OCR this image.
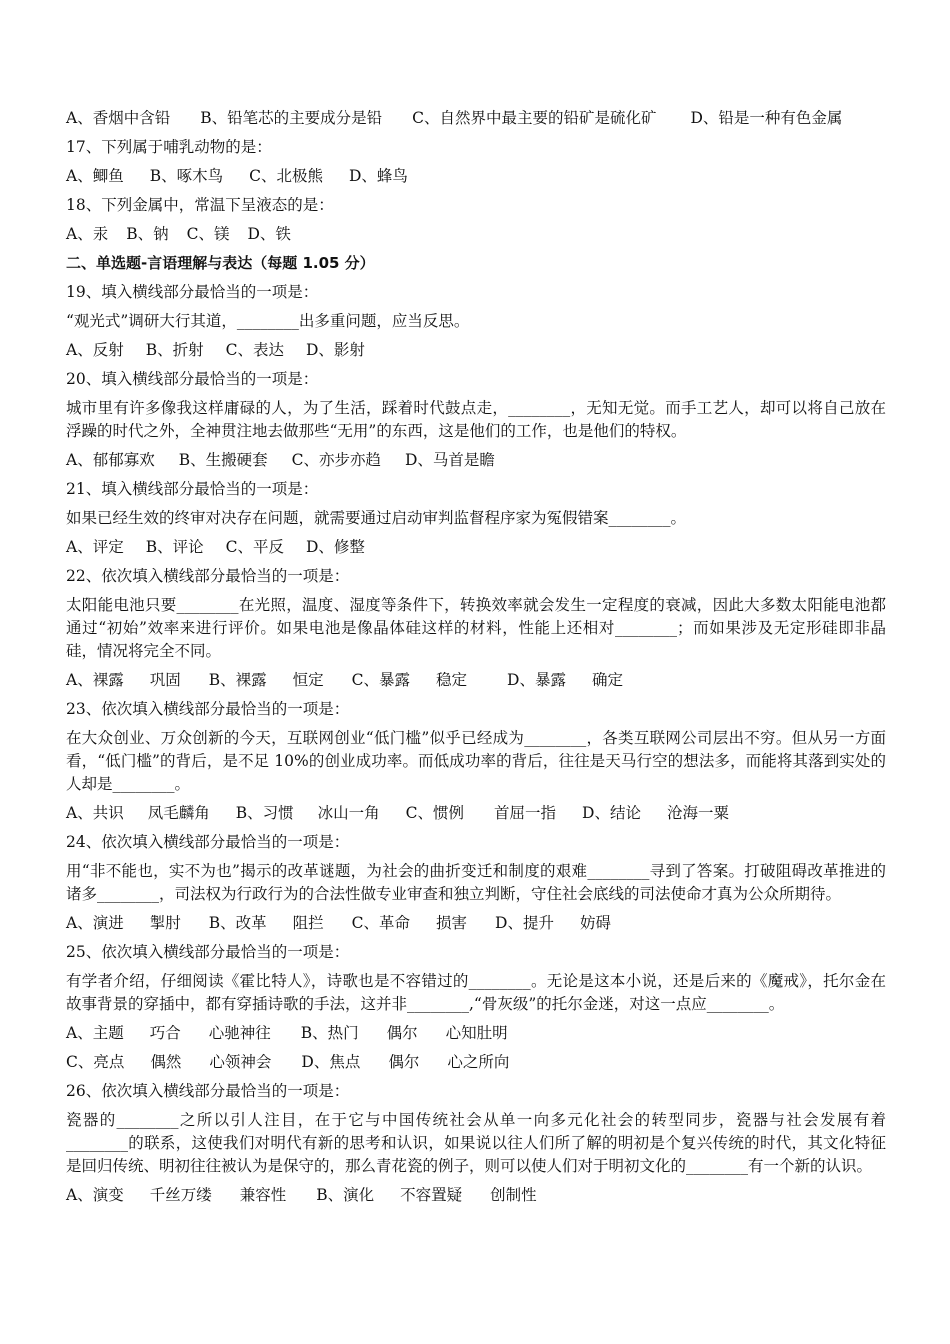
A、香烟中含铅 B、铅笔芯的主要成分是铅 C、自然界中最主要的铅矿是硫化矿 D、铅是一种有色金属
17、下列属于哺乳动物的是：
A、鲫鱼 B、啄木鸟 C、北极熊 D、蜂鸟
18、下列金属中，常温下呈液态的是：
A、汞 B、钠 C、镁 D、铁
二、单选题-言语理解与表达（每题 1.05 分）
19、填入横线部分最恰当的一项是：
“观光式”调研大行其道，________出多重问题，应当反思。
A、反射 B、折射 C、表达 D、影射
20、填入横线部分最恰当的一项是：
城市里有许多像我这样庸碌的人，为了生活，踩着时代鼓点走，________，无知无觉。而手工艺人，却可以将自己放在浮躁的时代之外，全神贯注地去做那些“无用”的东西，这是他们的工作，也是他们的特权。
A、郁郁寡欢 B、生搬硬套 C、亦步亦趋 D、马首是瞻
21、填入横线部分最恰当的一项是：
如果已经生效的终审对决存在问题，就需要通过启动审判监督程序家为冤假错案________。
A、评定 B、评论 C、平反 D、修整
22、依次填入横线部分最恰当的一项是：
太阳能电池只要________在光照，温度、湿度等条件下，转换效率就会发生一定程度的衰减，因此大多数太阳能电池都通过“初始”效率来进行评价。如果电池是像晶体硅这样的材料，性能上还相对________；而如果涉及无定形硅即非晶硅，情况将完全不同。
A、裸露 巩固 B、裸露 恒定 C、暴露 稳定	D、暴露 确定
23、依次填入横线部分最恰当的一项是：
在大众创业、万众创新的今天，互联网创业“低门槛”似乎已经成为________，各类互联网公司层出不穷。但从另一方面看，“低门槛”的背后，是不足 10%的创业成功率。而低成功率的背后，往往是天马行空的想法多，而能将其落到实处的人却是________。
A、共识 凤毛麟角 B、习惯 冰山一角 C、惯例 首屈一指 D、结论 沧海一粟
24、依次填入横线部分最恰当的一项是：
用“非不能也，实不为也”揭示的改革谜题，为社会的曲折变迁和制度的艰难________寻到了答案。打破阻碍改革推进的诸多________，司法权为行政行为的合法性做专业审查和独立判断，守住社会底线的司法使命才真为公众所期待。
A、演进 掣肘 B、改革 阻拦 C、革命 损害 D、提升 妨碍
25、依次填入横线部分最恰当的一项是：
有学者介绍，仔细阅读《霍比特人》，诗歌也是不容错过的________。无论是这本小说，还是后来的《魔戒》，托尔金在故事背景的穿插中，都有穿插诗歌的手法，这并非________,“骨灰级”的托尔金迷，对这一点应________。
A、主题 巧合 心驰神往 B、热门 偶尔 心知肚明
C、亮点 偶然 心领神会 D、焦点 偶尔 心之所向
26、依次填入横线部分最恰当的一项是：
瓷器的________之所以引人注目，在于它与中国传统社会从单一向多元化社会的转型同步，瓷器与社会发展有着________的联系，这使我们对明代有新的思考和认识，如果说以往人们所了解的明初是个复兴传统的时代，其文化特征是回归传统、明初往往被认为是保守的，那么青花瓷的例子，则可以使人们对于明初文化的________有一个新的认识。
A、演变 千丝万缕 兼容性 B、演化 不容置疑 创制性
